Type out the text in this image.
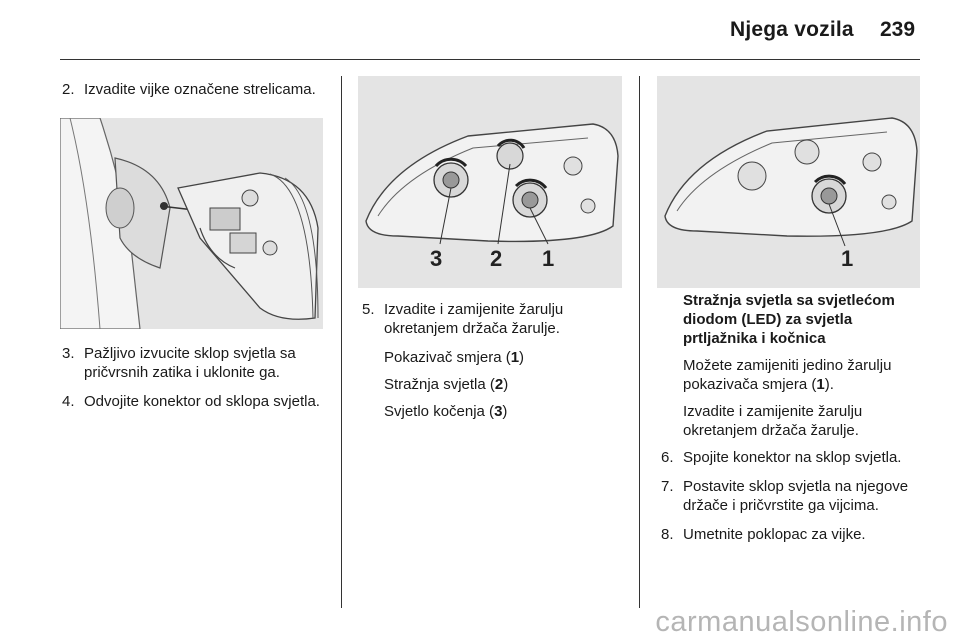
Njega vozila 239
2. Izvadite vijke označene strelicama.
3. Pažljivo izvucite sklop svjetla sa pričvrsnih zatika i uklonite ga.
4. Odvojite konektor od sklopa svjetla.
3 2 1
5. Izvadite i zamijenite žarulju okretanjem držača žarulje.
Pokazivač smjera (1)
Stražnja svjetla (2)
Svjetlo kočenja (3)
1
Stražnja svjetla sa svjetlećom diodom (LED) za svjetla prtljažnika i kočnica
Možete zamijeniti jedino žarulju pokazivača smjera (1).
Izvadite i zamijenite žarulju okretanjem držača žarulje.
6. Spojite konektor na sklop svjetla.
7. Postavite sklop svjetla na njegove držače i pričvrstite ga vijcima.
8. Umetnite poklopac za vijke.
carmanualsonline.info
